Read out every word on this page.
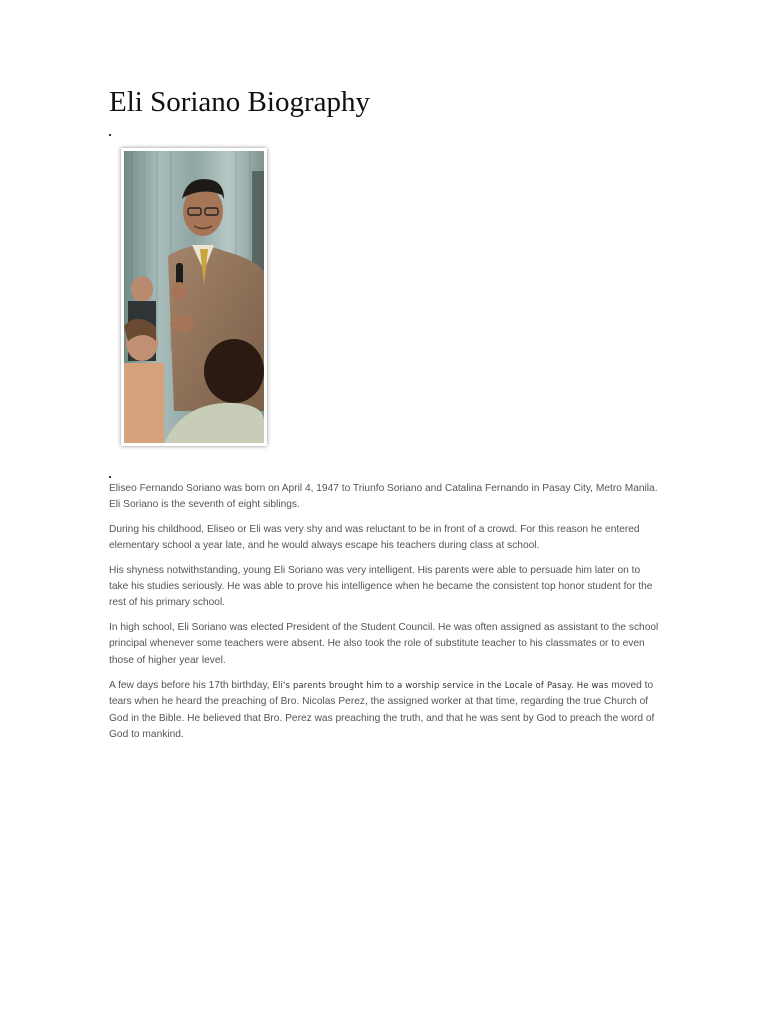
Eli Soriano Biography

Eliseo Fernando Soriano was born on April 4, 1947 to Triunfo Soriano and Catalina Fernando in Pasay City, Metro Manila. Eli Soriano is the seventh of eight siblings.

During his childhood, Eliseo or Eli was very shy and was reluctant to be in front of a crowd. For this reason he entered elementary school a year late, and he would always escape his teachers during class at school.

His shyness notwithstanding, young Eli Soriano was very intelligent. His parents were able to persuade him later on to take his studies seriously. He was able to prove his intelligence when he became the consistent top honor student for the rest of his primary school.

In high school, Eli Soriano was elected President of the Student Council. He was often assigned as assistant to the school principal whenever some teachers were absent. He also took the role of substitute teacher to his classmates or to even those of higher year level.

A few days before his 17th birthday, Eli's parents brought him to a worship service in the Locale of Pasay. He was moved to tears when he heard the preaching of Bro. Nicolas Perez, the assigned worker at that time, regarding the true Church of God in the Bible. He believed that Bro. Perez was preaching the truth, and that he was sent by God to preach the word of God to mankind.
